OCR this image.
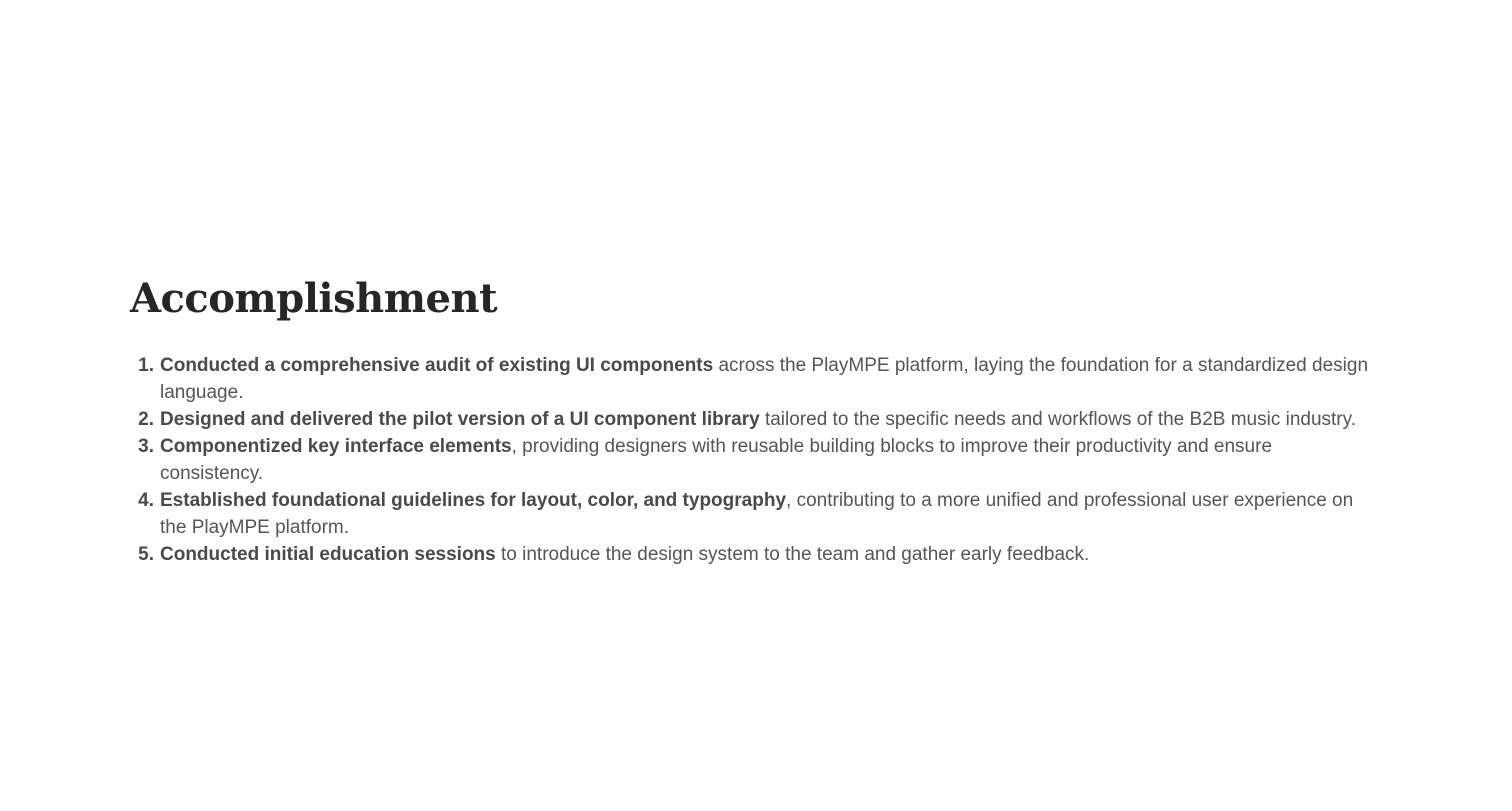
Accomplishment
1. Conducted a comprehensive audit of existing UI components across the PlayMPE platform, laying the foundation for a standardized design language.
2. Designed and delivered the pilot version of a UI component library tailored to the specific needs and workflows of the B2B music industry.
3. Componentized key interface elements, providing designers with reusable building blocks to improve their productivity and ensure consistency.
4. Established foundational guidelines for layout, color, and typography, contributing to a more unified and professional user experience on the PlayMPE platform.
5. Conducted initial education sessions to introduce the design system to the team and gather early feedback.
